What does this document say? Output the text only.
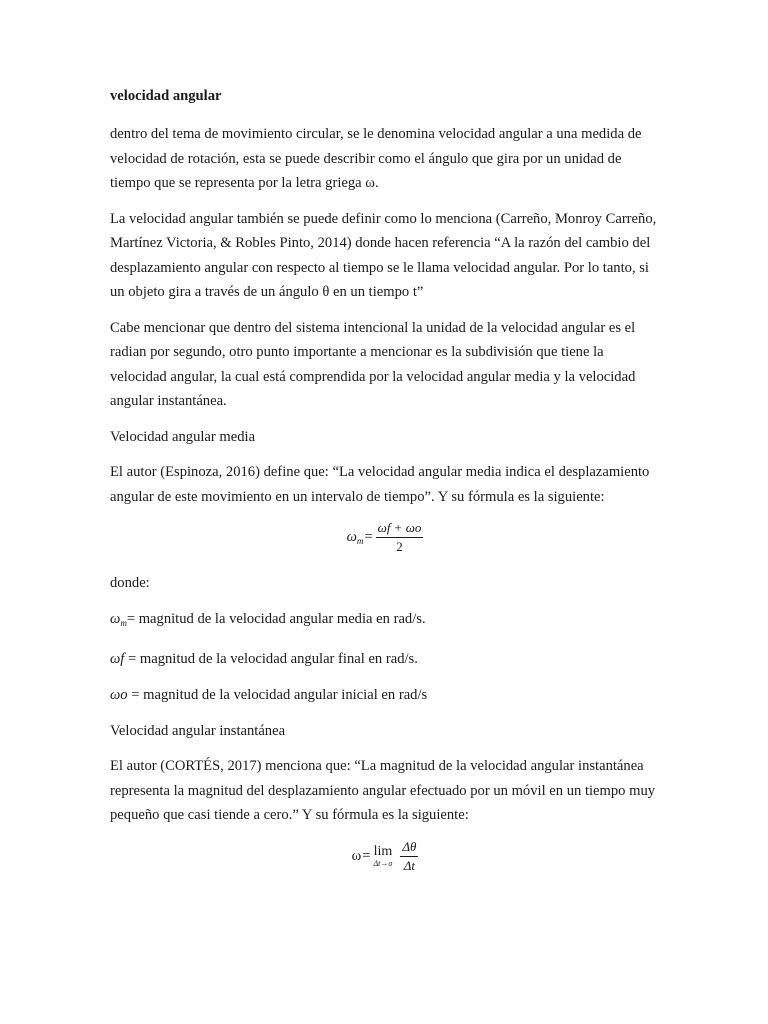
velocidad angular

dentro del tema de movimiento circular, se le denomina velocidad angular a una medida de velocidad de rotación, esta se puede describir como el ángulo que gira por un unidad de tiempo que se representa por la letra griega ω.

La velocidad angular también se puede definir como lo menciona (Carreño, Monroy Carreño, Martínez Victoria, & Robles Pinto, 2014) donde hacen referencia “A la razón del cambio del desplazamiento angular con respecto al tiempo se le llama velocidad angular. Por lo tanto, si un objeto gira a través de un ángulo θ en un tiempo t”

Cabe mencionar que dentro del sistema intencional la unidad de la velocidad angular es el radian por segundo, otro punto importante a mencionar es la subdivisión que tiene la velocidad angular, la cual está comprendida por la velocidad angular media y la velocidad angular instantánea.

Velocidad angular media

El autor (Espinoza, 2016) define que: “La velocidad angular media indica el desplazamiento angular de este movimiento en un intervalo de tiempo”. Y su fórmula es la siguiente:

$\omega_m = \frac{\omega f + \omega o}{2}$

donde:

$\omega_m=$ magnitud de la velocidad angular media en rad/s.
ωf = magnitud de la velocidad angular final en rad/s.
ωo = magnitud de la velocidad angular inicial en rad/s
Velocidad angular instantánea

El autor (CORTÉS, 2017) menciona que: “La magnitud de la velocidad angular instantánea representa la magnitud del desplazamiento angular efectuado por un móvil en un tiempo muy pequeño que casi tiende a cero.” Y su fórmula es la siguiente:

ω = lim
$\Delta t\to o \frac{\Delta\theta}{\Delta t}$
